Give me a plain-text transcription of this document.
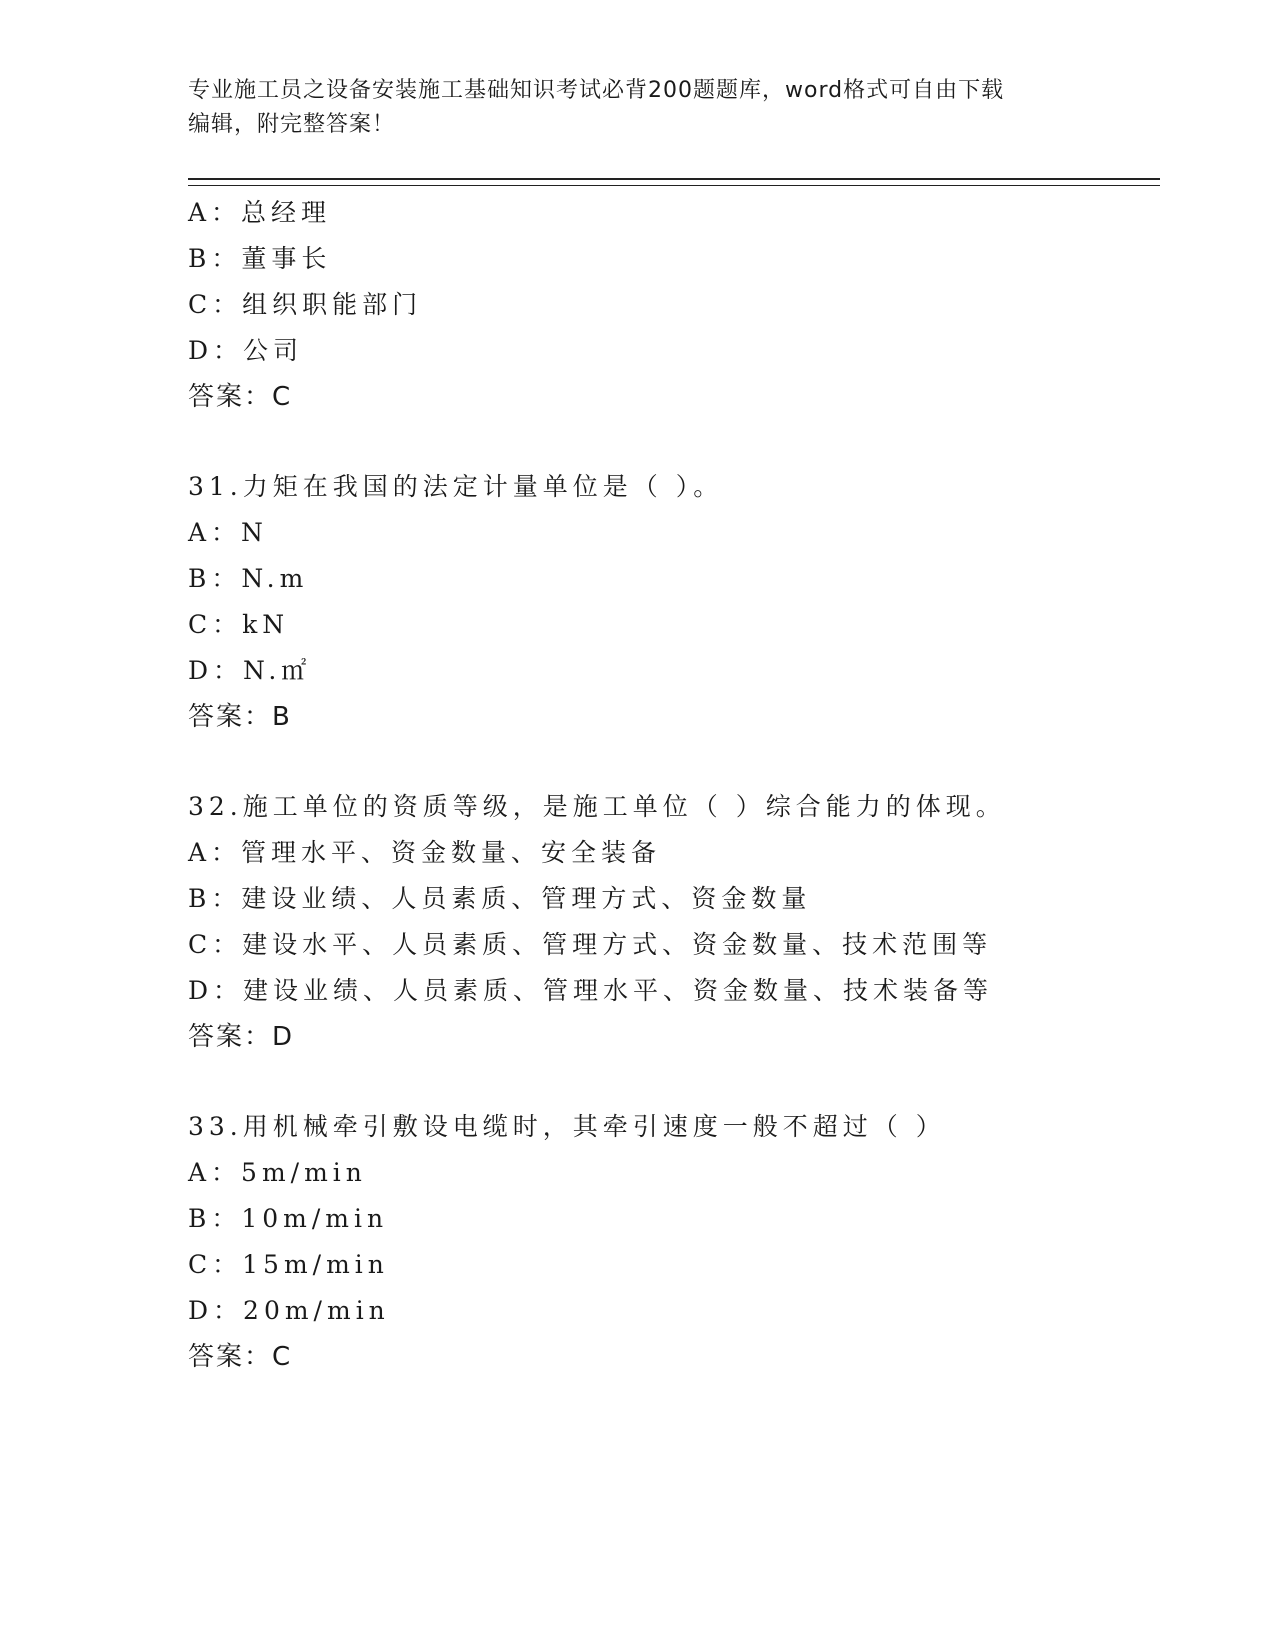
专业施工员之设备安装施工基础知识考试必背200题题库，word格式可自由下载
编辑，附完整答案！
A：总经理
B：董事长
C：组织职能部门
D：公司
答案：C
31.力矩在我国的法定计量单位是（ ）。
A：N
B：N.m
C：kN
D：N.㎡
答案：B
32.施工单位的资质等级，是施工单位（ ）综合能力的体现。
A：管理水平、资金数量、安全装备
B：建设业绩、人员素质、管理方式、资金数量
C：建设水平、人员素质、管理方式、资金数量、技术范围等
D：建设业绩、人员素质、管理水平、资金数量、技术装备等
答案：D
33.用机械牵引敷设电缆时，其牵引速度一般不超过（ ）
A：5m/min
B：10m/min
C：15m/min
D：20m/min
答案：C
